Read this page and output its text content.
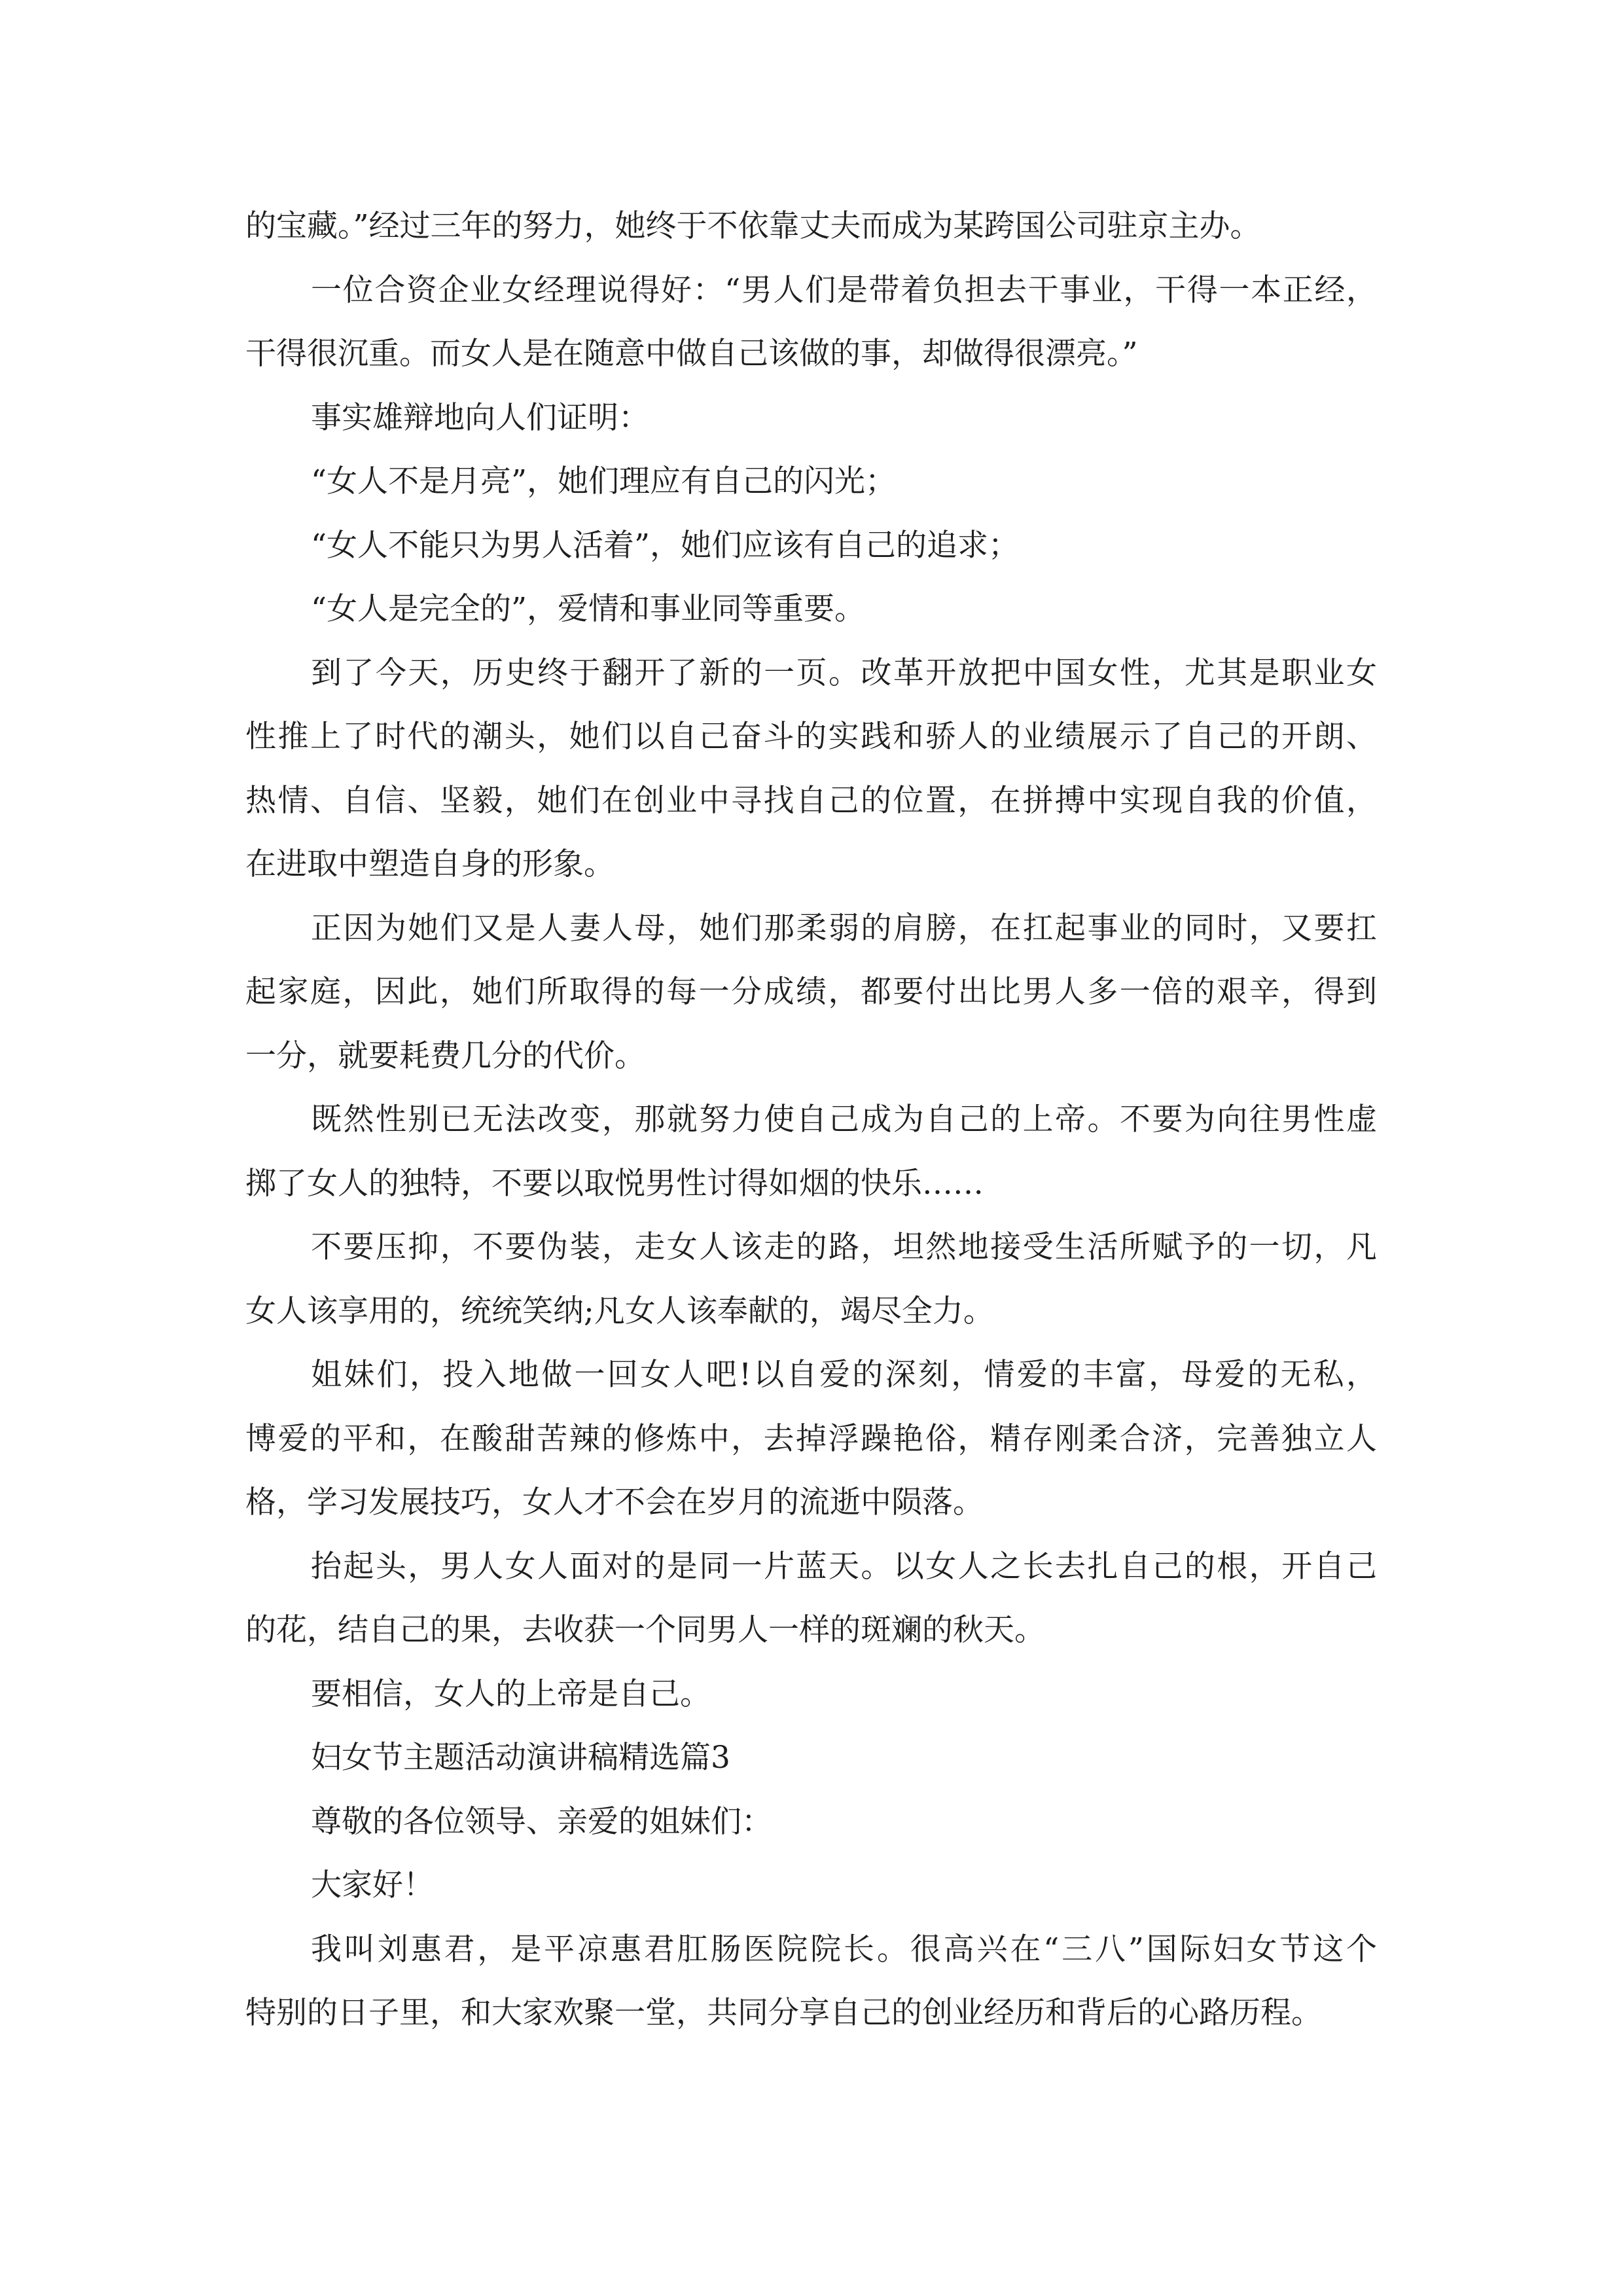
的宝藏。”经过三年的努力，她终于不依靠丈夫而成为某跨国公司驻京主办。
一位合资企业女经理说得好：“男人们是带着负担去干事业，干得一本正经，
干得很沉重。而女人是在随意中做自己该做的事，却做得很漂亮。”
事实雄辩地向人们证明：
“女人不是月亮”，她们理应有自己的闪光；
“女人不能只为男人活着”，她们应该有自己的追求；
“女人是完全的”，爱情和事业同等重要。
到了今天，历史终于翻开了新的一页。改革开放把中国女性，尤其是职业女
性推上了时代的潮头，她们以自己奋斗的实践和骄人的业绩展示了自己的开朗、
热情、自信、坚毅，她们在创业中寻找自己的位置，在拼搏中实现自我的价值，
在进取中塑造自身的形象。
正因为她们又是人妻人母，她们那柔弱的肩膀，在扛起事业的同时，又要扛
起家庭，因此，她们所取得的每一分成绩，都要付出比男人多一倍的艰辛，得到
一分，就要耗费几分的代价。
既然性别已无法改变，那就努力使自己成为自己的上帝。不要为向往男性虚
掷了女人的独特，不要以取悦男性讨得如烟的快乐……
不要压抑，不要伪装，走女人该走的路，坦然地接受生活所赋予的一切，凡
女人该享用的，统统笑纳;凡女人该奉献的，竭尽全力。
姐妹们，投入地做一回女人吧!以自爱的深刻，情爱的丰富，母爱的无私，
博爱的平和，在酸甜苦辣的修炼中，去掉浮躁艳俗，精存刚柔合济，完善独立人
格，学习发展技巧，女人才不会在岁月的流逝中陨落。
抬起头，男人女人面对的是同一片蓝天。以女人之长去扎自己的根，开自己
的花，结自己的果，去收获一个同男人一样的斑斓的秋天。
要相信，女人的上帝是自己。
妇女节主题活动演讲稿精选篇3
尊敬的各位领导、亲爱的姐妹们：
大家好！
我叫刘惠君，是平凉惠君肛肠医院院长。很高兴在“三八”国际妇女节这个
特别的日子里，和大家欢聚一堂，共同分享自己的创业经历和背后的心路历程。
